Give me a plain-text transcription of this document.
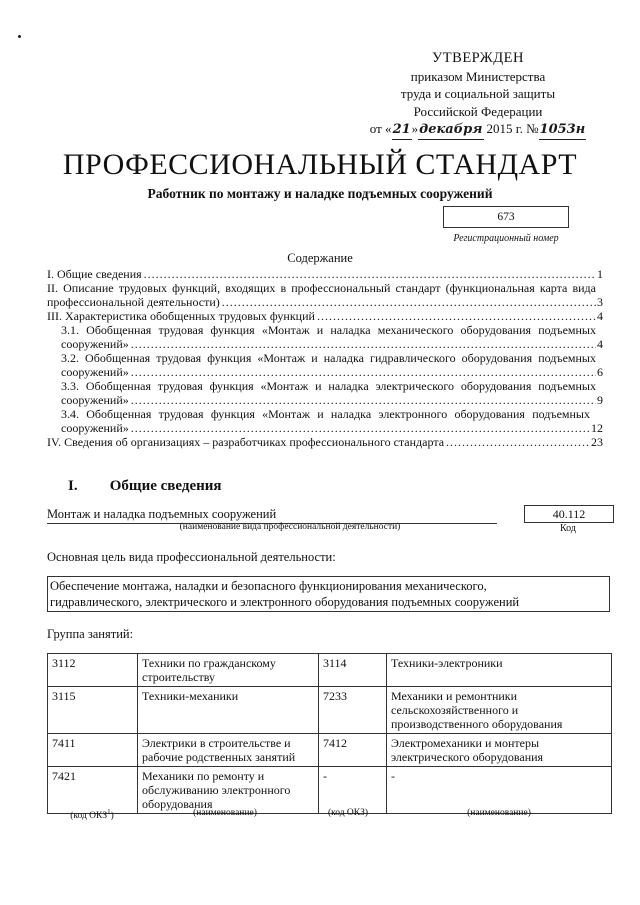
УТВЕРЖДЕН
приказом Министерства
труда и социальной защиты
Российской Федерации
от « 21 » декабря 2015 г. № 1053н
ПРОФЕССИОНАЛЬНЫЙ СТАНДАРТ
Работник по монтажу и наладке подъемных сооружений
673
Регистрационный номер
Содержание
I. Общие сведения .....	1
II. Описание трудовых функций, входящих в профессиональный стандарт (функциональная карта вида профессиональной деятельности) .....	3
III. Характеристика обобщенных трудовых функций .....	4
3.1. Обобщенная трудовая функция «Монтаж и наладка механического оборудования подъемных сооружений» .....	4
3.2. Обобщенная трудовая функция «Монтаж и наладка гидравлического оборудования подъемных сооружений» .....	6
3.3. Обобщенная трудовая функция «Монтаж и наладка электрического оборудования подъемных сооружений» .....	9
3.4. Обобщенная трудовая функция «Монтаж и наладка электронного оборудования подъемных сооружений» .....	12
IV. Сведения об организациях – разработчиках профессионального стандарта .....	23
I. Общие сведения
Монтаж и наладка подъемных сооружений
(наименование вида профессиональной деятельности)
40.112
Код
Основная цель вида профессиональной деятельности:
Обеспечение монтажа, наладки и безопасного функционирования механического,
гидравлического, электрического и электронного оборудования подъемных сооружений
Группа занятий:
3112	Техники по гражданскому строительству	3114	Техники-электроники
3115	Техники-механики	7233	Механики и ремонтники сельскохозяйственного и производственного оборудования
7411	Электрики в строительстве и рабочие родственных занятий	7412	Электромеханики и монтеры электрического оборудования
7421	Механики по ремонту и обслуживанию электронного оборудования	-	-
(код ОКЗ$^1$)	(наименование)	(код ОКЗ)	(наименование)
